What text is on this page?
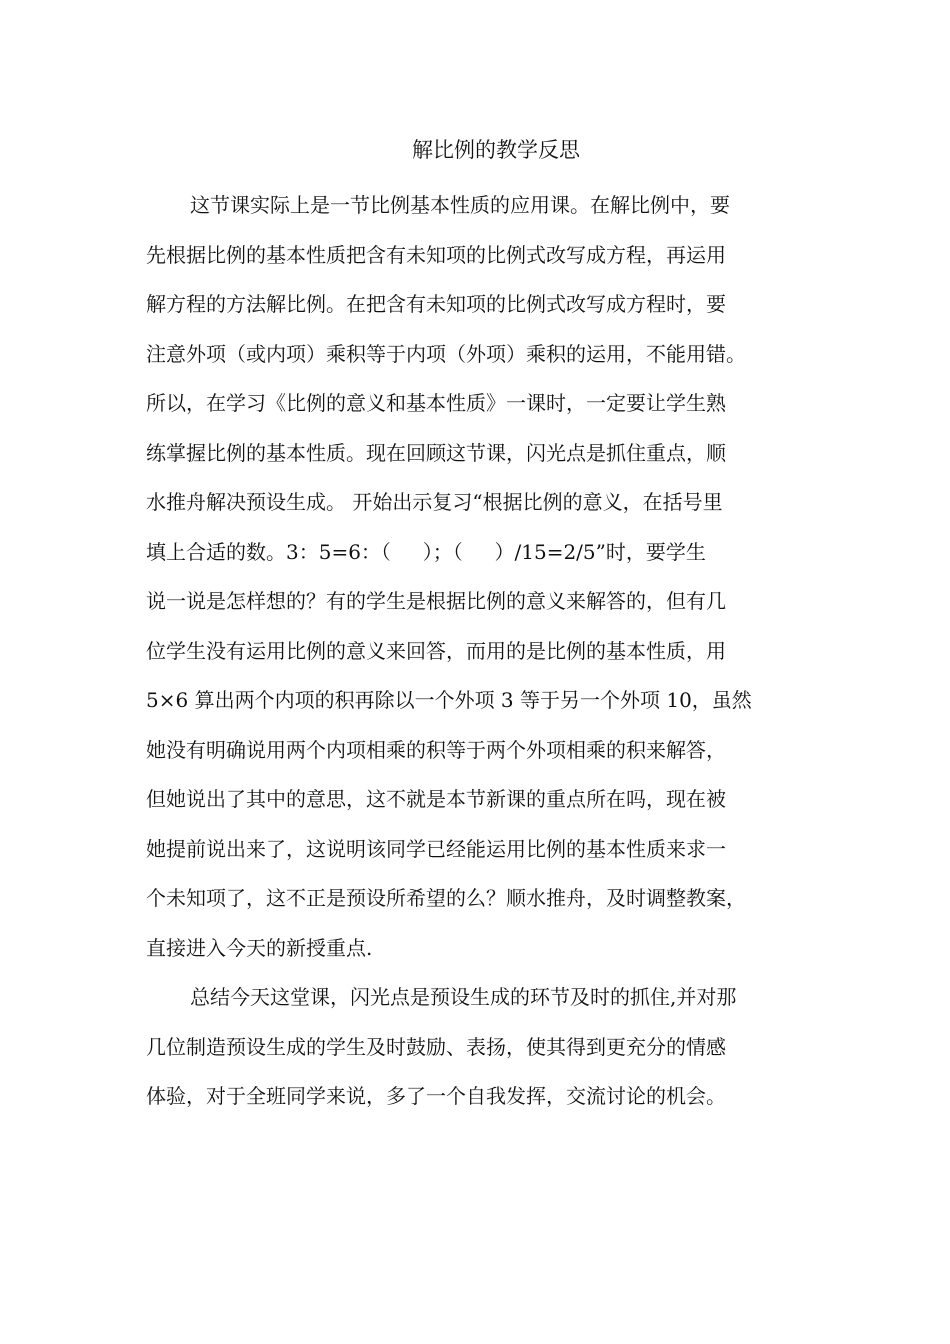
解比例的教学反思
这节课实际上是一节比例基本性质的应用课。在解比例中，要
先根据比例的基本性质把含有未知项的比例式改写成方程，再运用
解方程的方法解比例。在把含有未知项的比例式改写成方程时，要
注意外项（或内项）乘积等于内项（外项）乘积的运用，不能用错。
所以，在学习《比例的意义和基本性质》一课时，一定要让学生熟
练掌握比例的基本性质。现在回顾这节课，闪光点是抓住重点，顺
水推舟解决预设生成。 开始出示复习“根据比例的意义，在括号里
填上合适的数。3：5=6：（     ）；（     ）/15=2/5”时，要学生
说一说是怎样想的？有的学生是根据比例的意义来解答的，但有几
位学生没有运用比例的意义来回答，而用的是比例的基本性质，用
5×6 算出两个内项的积再除以一个外项 3 等于另一个外项 10，虽然
她没有明确说用两个内项相乘的积等于两个外项相乘的积来解答，
但她说出了其中的意思，这不就是本节新课的重点所在吗，现在被
她提前说出来了，这说明该同学已经能运用比例的基本性质来求一
个未知项了，这不正是预设所希望的么？顺水推舟，及时调整教案，
直接进入今天的新授重点.
总结今天这堂课，闪光点是预设生成的环节及时的抓住,并对那
几位制造预设生成的学生及时鼓励、表扬，使其得到更充分的情感
体验，对于全班同学来说，多了一个自我发挥，交流讨论的机会。
